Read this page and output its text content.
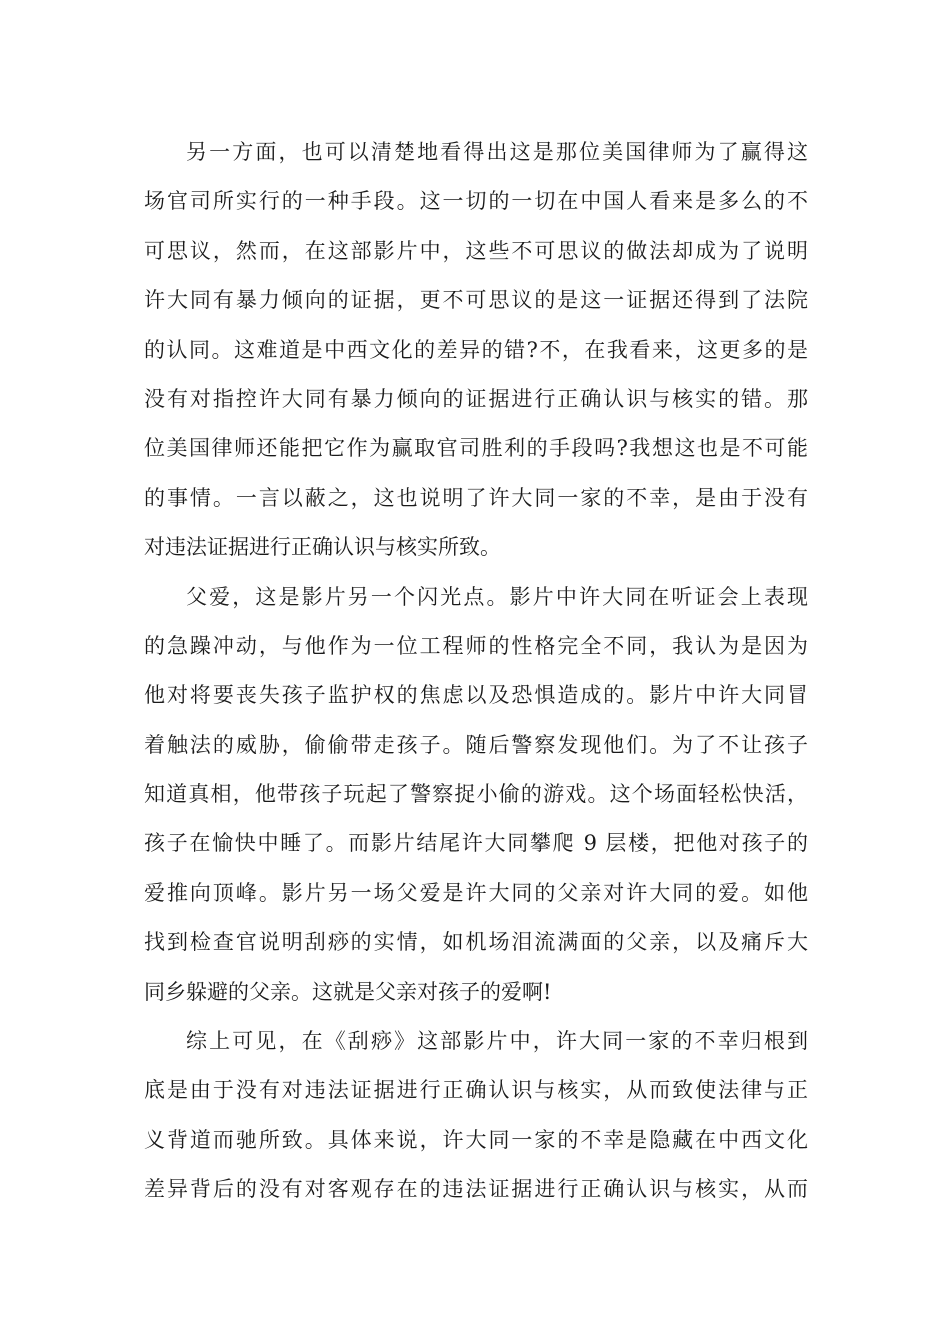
另一方面，也可以清楚地看得出这是那位美国律师为了赢得这
场官司所实行的一种手段。这一切的一切在中国人看来是多么的不
可思议，然而，在这部影片中，这些不可思议的做法却成为了说明
许大同有暴力倾向的证据，更不可思议的是这一证据还得到了法院
的认同。这难道是中西文化的差异的错?不，在我看来，这更多的是
没有对指控许大同有暴力倾向的证据进行正确认识与核实的错。那
位美国律师还能把它作为赢取官司胜利的手段吗?我想这也是不可能
的事情。一言以蔽之，这也说明了许大同一家的不幸，是由于没有
对违法证据进行正确认识与核实所致。
父爱，这是影片另一个闪光点。影片中许大同在听证会上表现
的急躁冲动，与他作为一位工程师的性格完全不同，我认为是因为
他对将要丧失孩子监护权的焦虑以及恐惧造成的。影片中许大同冒
着触法的威胁，偷偷带走孩子。随后警察发现他们。为了不让孩子
知道真相，他带孩子玩起了警察捉小偷的游戏。这个场面轻松快活，
孩子在愉快中睡了。而影片结尾许大同攀爬 9 层楼，把他对孩子的
爱推向顶峰。影片另一场父爱是许大同的父亲对许大同的爱。如他
找到检查官说明刮痧的实情，如机场泪流满面的父亲，以及痛斥大
同乡躲避的父亲。这就是父亲对孩子的爱啊!
综上可见，在《刮痧》这部影片中，许大同一家的不幸归根到
底是由于没有对违法证据进行正确认识与核实，从而致使法律与正
义背道而驰所致。具体来说，许大同一家的不幸是隐藏在中西文化
差异背后的没有对客观存在的违法证据进行正确认识与核实，从而
